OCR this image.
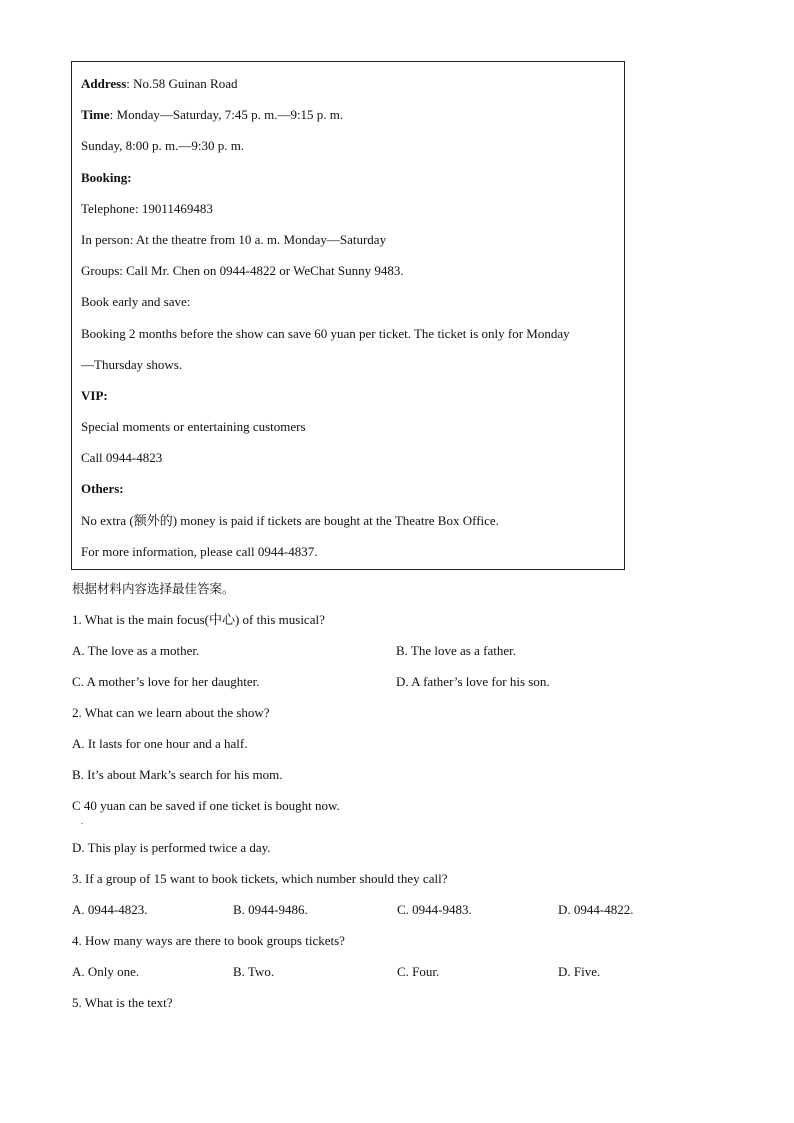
Address: No.58 Guinan Road
Time: Monday—Saturday, 7:45 p. m.—9:15 p. m.
Sunday, 8:00 p. m.—9:30 p. m.
Booking:
Telephone: 19011469483
In person: At the theatre from 10 a. m. Monday—Saturday
Groups: Call Mr. Chen on 0944-4822 or WeChat Sunny 9483.
Book early and save:
Booking 2 months before the show can save 60 yuan per ticket. The ticket is only for Monday
—Thursday shows.
VIP:
Special moments or entertaining customers
Call 0944-4823
Others:
No extra (额外的) money is paid if tickets are bought at the Theatre Box Office.
For more information, please call 0944-4837.
根据材料内容选择最佳答案。
1. What is the main focus(中心) of this musical?
A. The love as a mother.	B. The love as a father.
C. A mother’s love for her daughter.	D. A father’s love for his son.
2. What can we learn about the show?
A. It lasts for one hour and a half.
B. It’s about Mark’s search for his mom.
C 40 yuan can be saved if one ticket is bought now.
.
D. This play is performed twice a day.
3. If a group of 15 want to book tickets, which number should they call?
A. 0944-4823.	B. 0944-9486.	C. 0944-9483.	D. 0944-4822.
4. How many ways are there to book groups tickets?
A. Only one.	B. Two.	C. Four.	D. Five.
5. What is the text?
